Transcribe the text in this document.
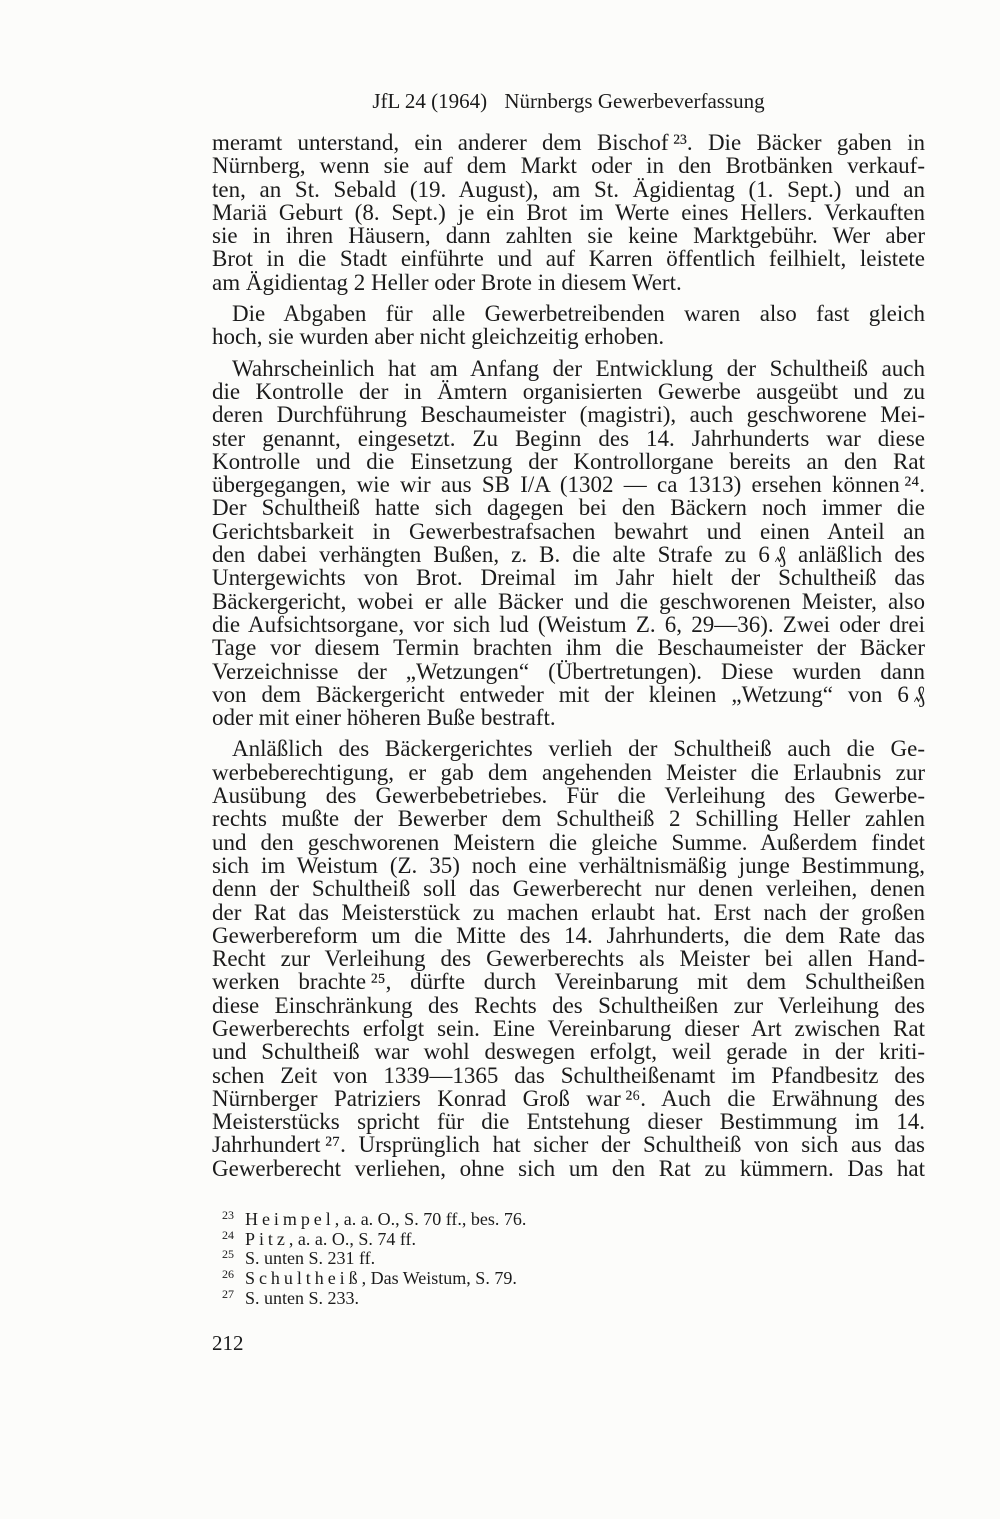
JfL 24 (1964) Nürnbergs Gewerbeverfassung
meramt unterstand, ein anderer dem Bischof ²³. Die Bäcker gaben in
Nürnberg, wenn sie auf dem Markt oder in den Brotbänken verkauf-
ten, an St. Sebald (19. August), am St. Ägidientag (1. Sept.) und an
Mariä Geburt (8. Sept.) je ein Brot im Werte eines Hellers. Verkauften
sie in ihren Häusern, dann zahlten sie keine Marktgebühr. Wer aber
Brot in die Stadt einführte und auf Karren öffentlich feilhielt, leistete
am Ägidientag 2 Heller oder Brote in diesem Wert.
Die Abgaben für alle Gewerbetreibenden waren also fast gleich
hoch, sie wurden aber nicht gleichzeitig erhoben.
Wahrscheinlich hat am Anfang der Entwicklung der Schultheiß auch
die Kontrolle der in Ämtern organisierten Gewerbe ausgeübt und zu
deren Durchführung Beschaumeister (magistri), auch geschworene Mei-
ster genannt, eingesetzt. Zu Beginn des 14. Jahrhunderts war diese
Kontrolle und die Einsetzung der Kontrollorgane bereits an den Rat
übergegangen, wie wir aus SB I/A (1302 — ca 1313) ersehen können ²⁴.
Der Schultheiß hatte sich dagegen bei den Bäckern noch immer die
Gerichtsbarkeit in Gewerbestrafsachen bewahrt und einen Anteil an
den dabei verhängten Bußen, z. B. die alte Strafe zu 6 ₰ anläßlich des
Untergewichts von Brot. Dreimal im Jahr hielt der Schultheiß das
Bäckergericht, wobei er alle Bäcker und die geschworenen Meister, also
die Aufsichtsorgane, vor sich lud (Weistum Z. 6, 29—36). Zwei oder drei
Tage vor diesem Termin brachten ihm die Beschaumeister der Bäcker
Verzeichnisse der „Wetzungen“ (Übertretungen). Diese wurden dann
von dem Bäckergericht entweder mit der kleinen „Wetzung“ von 6 ₰
oder mit einer höheren Buße bestraft.
Anläßlich des Bäckergerichtes verlieh der Schultheiß auch die Ge-
werbeberechtigung, er gab dem angehenden Meister die Erlaubnis zur
Ausübung des Gewerbebetriebes. Für die Verleihung des Gewerbe-
rechts mußte der Bewerber dem Schultheiß 2 Schilling Heller zahlen
und den geschworenen Meistern die gleiche Summe. Außerdem findet
sich im Weistum (Z. 35) noch eine verhältnismäßig junge Bestimmung,
denn der Schultheiß soll das Gewerberecht nur denen verleihen, denen
der Rat das Meisterstück zu machen erlaubt hat. Erst nach der großen
Gewerbereform um die Mitte des 14. Jahrhunderts, die dem Rate das
Recht zur Verleihung des Gewerberechts als Meister bei allen Hand-
werken brachte ²⁵, dürfte durch Vereinbarung mit dem Schultheißen
diese Einschränkung des Rechts des Schultheißen zur Verleihung des
Gewerberechts erfolgt sein. Eine Vereinbarung dieser Art zwischen Rat
und Schultheiß war wohl deswegen erfolgt, weil gerade in der kriti-
schen Zeit von 1339—1365 das Schultheißenamt im Pfandbesitz des
Nürnberger Patriziers Konrad Groß war ²⁶. Auch die Erwähnung des
Meisterstücks spricht für die Entstehung dieser Bestimmung im 14.
Jahrhundert ²⁷. Ursprünglich hat sicher der Schultheiß von sich aus das
Gewerberecht verliehen, ohne sich um den Rat zu kümmern. Das hat
23 Heimpel, a. a. O., S. 70 ff., bes. 76.
24 Pitz, a. a. O., S. 74 ff.
25 S. unten S. 231 ff.
26 Schultheiß, Das Weistum, S. 79.
27 S. unten S. 233.
212
